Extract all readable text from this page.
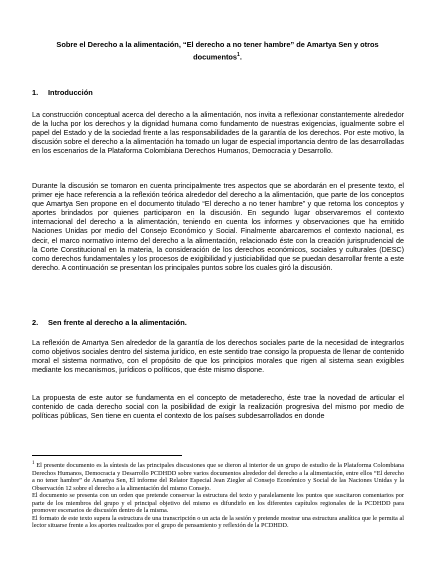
Sobre el Derecho a la alimentación, “El derecho a no tener hambre” de Amartya Sen y otros documentos$^1$.
1. Introducción

La construcción conceptual acerca del derecho a la alimentación, nos invita a reflexionar constantemente alrededor de la lucha por los derechos y la dignidad humana como fundamento de nuestras exigencias, igualmente sobre el papel del Estado y de la sociedad frente a las responsabilidades de la garantía de los derechos. Por este motivo, la discusión sobre el derecho a la alimentación ha tomado un lugar de especial importancia dentro de las desarrolladas en los escenarios de la Plataforma Colombiana Derechos Humanos, Democracia y Desarrollo.

Durante la discusión se tomaron en cuenta principalmente tres aspectos que se abordarán en el presente texto, el primer eje hace referencia a la reflexión teórica alrededor del derecho a la alimentación, que parte de los conceptos que Amartya Sen propone en el documento titulado “El derecho a no tener hambre” y que retoma los conceptos y aportes brindados por quienes participaron en la discusión. En segundo lugar observaremos el contexto internacional del derecho a la alimentación, teniendo en cuenta los informes y observaciones que ha emitido Naciones Unidas por medio del Consejo Económico y Social. Finalmente abarcaremos el contexto nacional, es decir, el marco normativo interno del derecho a la alimentación, relacionado éste con la creación jurisprudencial de la Corte Constitucional en la materia, la consideración de los derechos económicos, sociales y culturales (DESC) como derechos fundamentales y los procesos de exigibilidad y justiciabilidad que se puedan desarrollar frente a este derecho. A continuación se presentan los principales puntos sobre los cuales giró la discusión.

2. Sen frente al derecho a la alimentación.

La reflexión de Amartya Sen alrededor de la garantía de los derechos sociales parte de la necesidad de integrarlos como objetivos sociales dentro del sistema jurídico, en este sentido trae consigo la propuesta de llenar de contenido moral el sistema normativo, con el propósito de que los principios morales que rigen al sistema sean exigibles mediante los mecanismos, jurídicos o políticos, que éste mismo dispone.

La propuesta de este autor se fundamenta en el concepto de metaderecho, éste trae la novedad de articular el contenido de cada derecho social con la posibilidad de exigir la realización progresiva del mismo por medio de políticas públicas, Sen tiene en cuenta el contexto de los países subdesarrollados en donde

$^1$ El presente documento es la síntesis de las principales discusiones que se dieron al interior de un grupo de estudio de la Plataforma Colombiana Derechos Humanos, Democracia y Desarrollo PCDHDD sobre varios documentos alrededor del derecho a la alimentación, entre ellos “El derecho a no tener hambre” de Amartya Sen, El informe del Relator Especial Jean Ziegler al Consejo Económico y Social de las Naciones Unidas y la Observación 12 sobre el derecho a la alimentación del mismo Consejo.

El documento se presenta con un orden que pretende conservar la estructura del texto y paralelamente los puntos que suscitaron comentarios por parte de los miembros del grupo y el principal objetivo del mismo es difundirlo en los diferentes capítulos regionales de la PCDHDD para promover escenarios de discusión dentro de la misma.

El formato de este texto supera la estructura de una transcripción o un acta de la sesión y pretende mostrar una estructura analítica que le permita al lector situarse frente a los aportes realizados por el grupo de pensamiento y reflexión de la PCDHDD.
